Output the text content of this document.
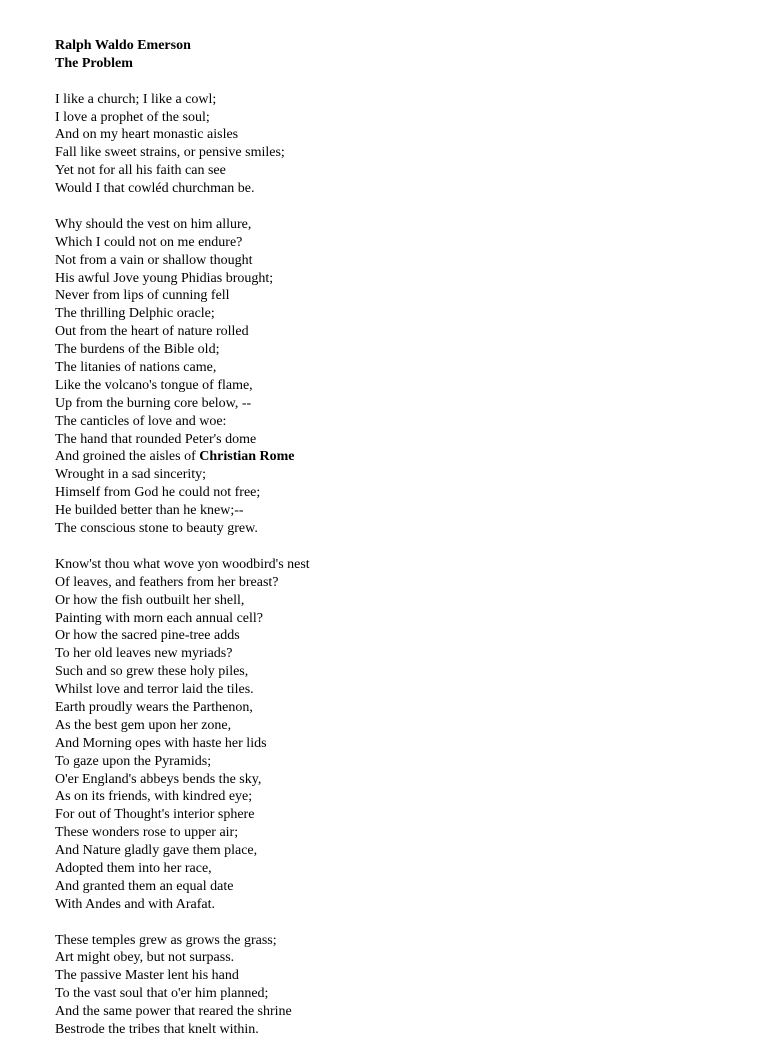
Ralph Waldo Emerson
The Problem
I like a church; I like a cowl;
I love a prophet of the soul;
And on my heart monastic aisles
Fall like sweet strains, or pensive smiles;
Yet not for all his faith can see
Would I that cowléd churchman be.
Why should the vest on him allure,
Which I could not on me endure?
Not from a vain or shallow thought
His awful Jove young Phidias brought;
Never from lips of cunning fell
The thrilling Delphic oracle;
Out from the heart of nature rolled
The burdens of the Bible old;
The litanies of nations came,
Like the volcano's tongue of flame,
Up from the burning core below, --
The canticles of love and woe:
The hand that rounded Peter's dome
And groined the aisles of Christian Rome
Wrought in a sad sincerity;
Himself from God he could not free;
He builded better than he knew;--
The conscious stone to beauty grew.
Know'st thou what wove yon woodbird's nest
Of leaves, and feathers from her breast?
Or how the fish outbuilt her shell,
Painting with morn each annual cell?
Or how the sacred pine-tree adds
To her old leaves new myriads?
Such and so grew these holy piles,
Whilst love and terror laid the tiles.
Earth proudly wears the Parthenon,
As the best gem upon her zone,
And Morning opes with haste her lids
To gaze upon the Pyramids;
O'er England's abbeys bends the sky,
As on its friends, with kindred eye;
For out of Thought's interior sphere
These wonders rose to upper air;
And Nature gladly gave them place,
Adopted them into her race,
And granted them an equal date
With Andes and with Arafat.
These temples grew as grows the grass;
Art might obey, but not surpass.
The passive Master lent his hand
To the vast soul that o'er him planned;
And the same power that reared the shrine
Bestrode the tribes that knelt within.
